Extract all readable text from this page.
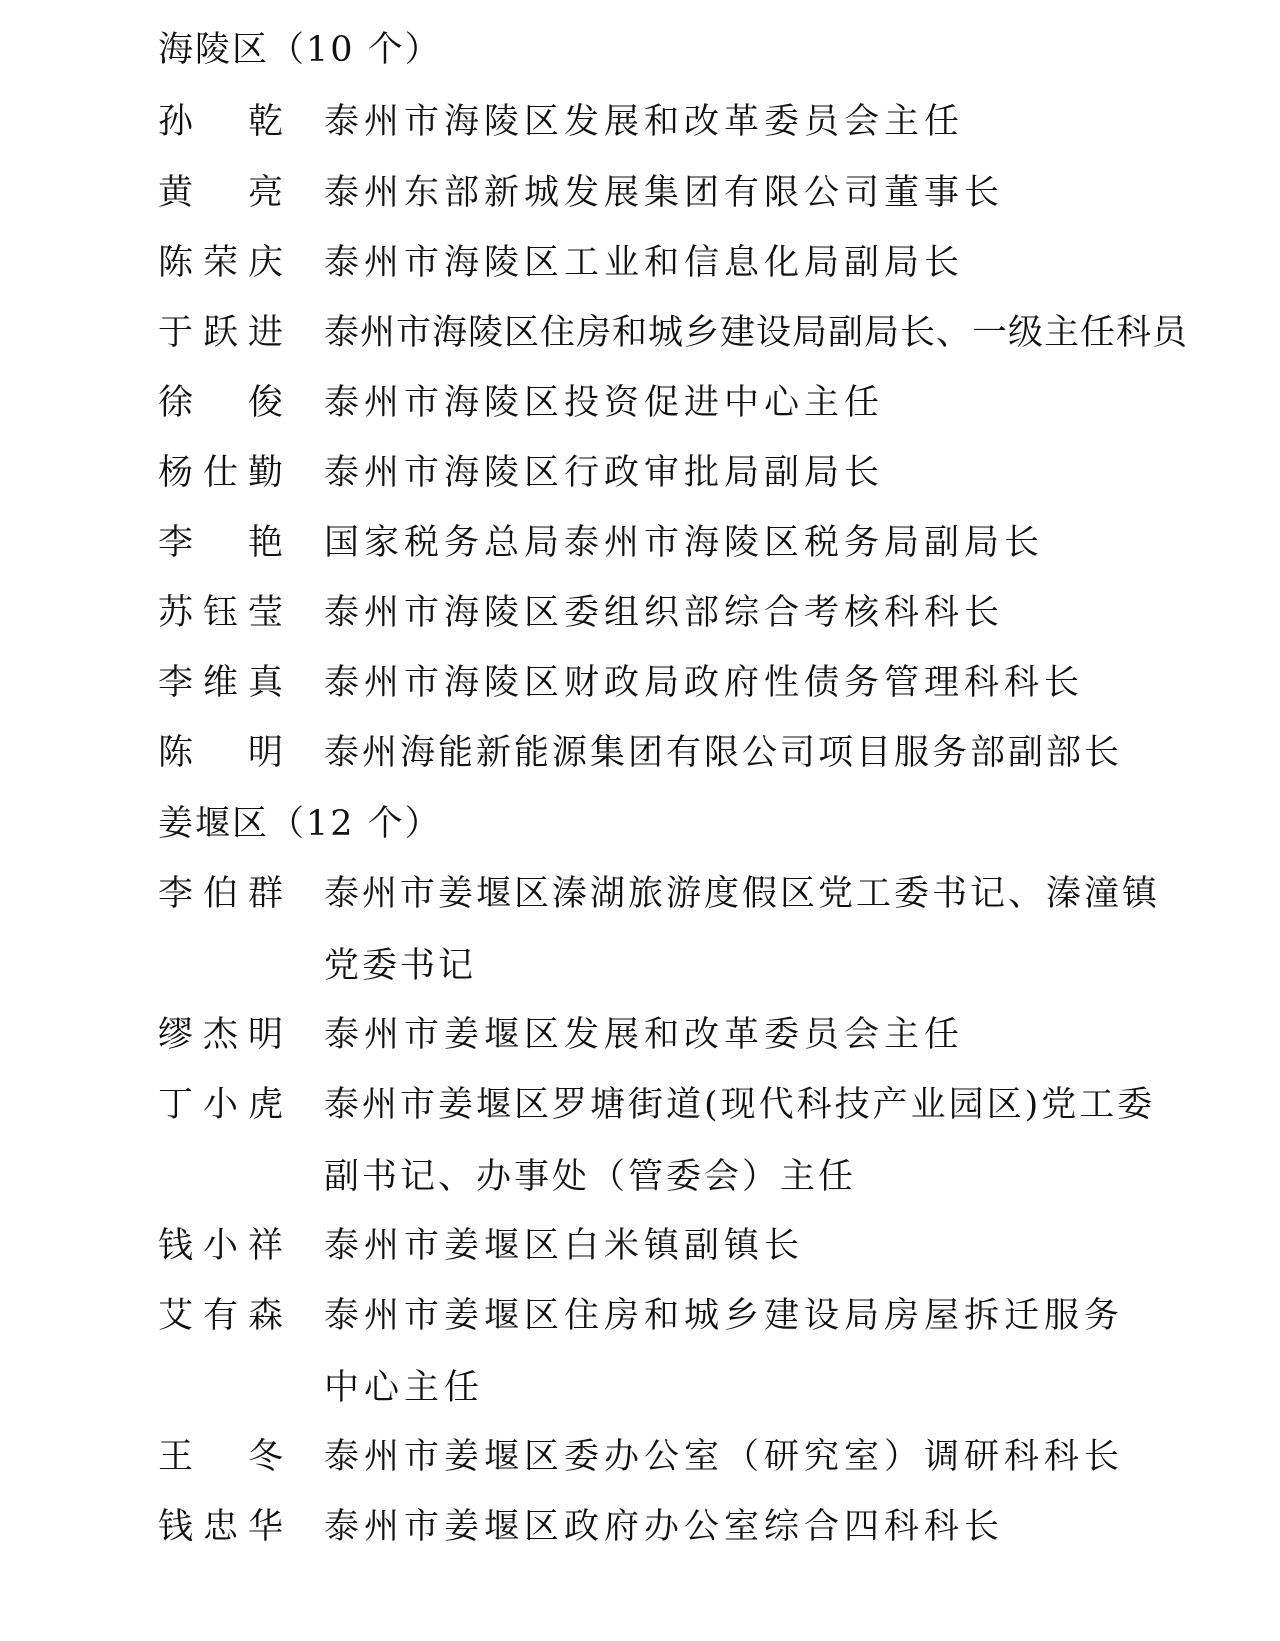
海陵区（10 个）
孙 乾 泰州市海陵区发展和改革委员会主任
黄 亮 泰州东部新城发展集团有限公司董事长
陈 荣 庆 泰州市海陵区工业和信息化局副局长
于 跃 进 泰州市海陵区住房和城乡建设局副局长、一级主任科员
徐 俊 泰州市海陵区投资促进中心主任
杨 仕 勤 泰州市海陵区行政审批局副局长
李 艳 国家税务总局泰州市海陵区税务局副局长
苏 钰 莹 泰州市海陵区委组织部综合考核科科长
李 维 真 泰州市海陵区财政局政府性债务管理科科长
陈 明 泰州海能新能源集团有限公司项目服务部副部长
姜堰区（12 个）
李 伯 群 泰州市姜堰区溱湖旅游度假区党工委书记、溱潼镇
党委书记
缪 杰 明 泰州市姜堰区发展和改革委员会主任
丁 小 虎 泰州市姜堰区罗塘街道(现代科技产业园区)党工委
副书记、办事处（管委会）主任
钱 小 祥 泰州市姜堰区白米镇副镇长
艾 有 森 泰州市姜堰区住房和城乡建设局房屋拆迁服务
中心主任
王 冬 泰州市姜堰区委办公室（研究室）调研科科长
钱 忠 华 泰州市姜堰区政府办公室综合四科科长
